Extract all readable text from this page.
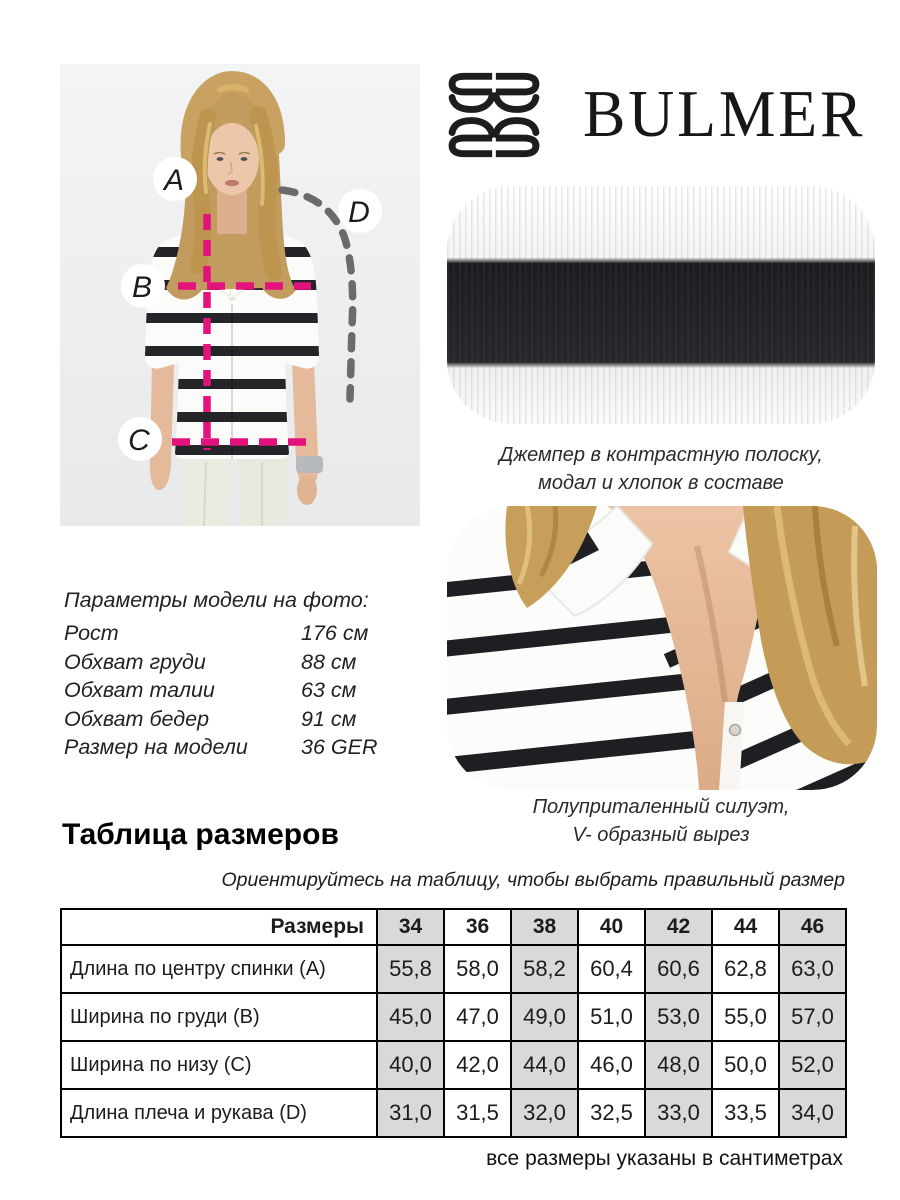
A
B
C
D
BULMER
Джемпер в контрастную полоску,
модал и хлопок в составе
Полуприталенный силуэт,
V- образный вырез
Параметры модели на фото:
Рост	176 см
Обхват груди	88 см
Обхват талии	63 см
Обхват бедер	91 см
Размер на модели 36 GER
Таблица размеров
Ориентируйтесь на таблицу, чтобы выбрать правильный размер
Размеры	34	36	38	40	42	44	46
Длина по центру спинки (A)	55,8	58,0	58,2	60,4	60,6	62,8	63,0
Ширина по груди (B)	45,0	47,0	49,0	51,0	53,0	55,0	57,0
Ширина по низу (C)	40,0	42,0	44,0	46,0	48,0	50,0	52,0
Длина плеча и рукава (D)	31,0	31,5	32,0	32,5	33,0	33,5	34,0
все размеры указаны в сантиметрах
